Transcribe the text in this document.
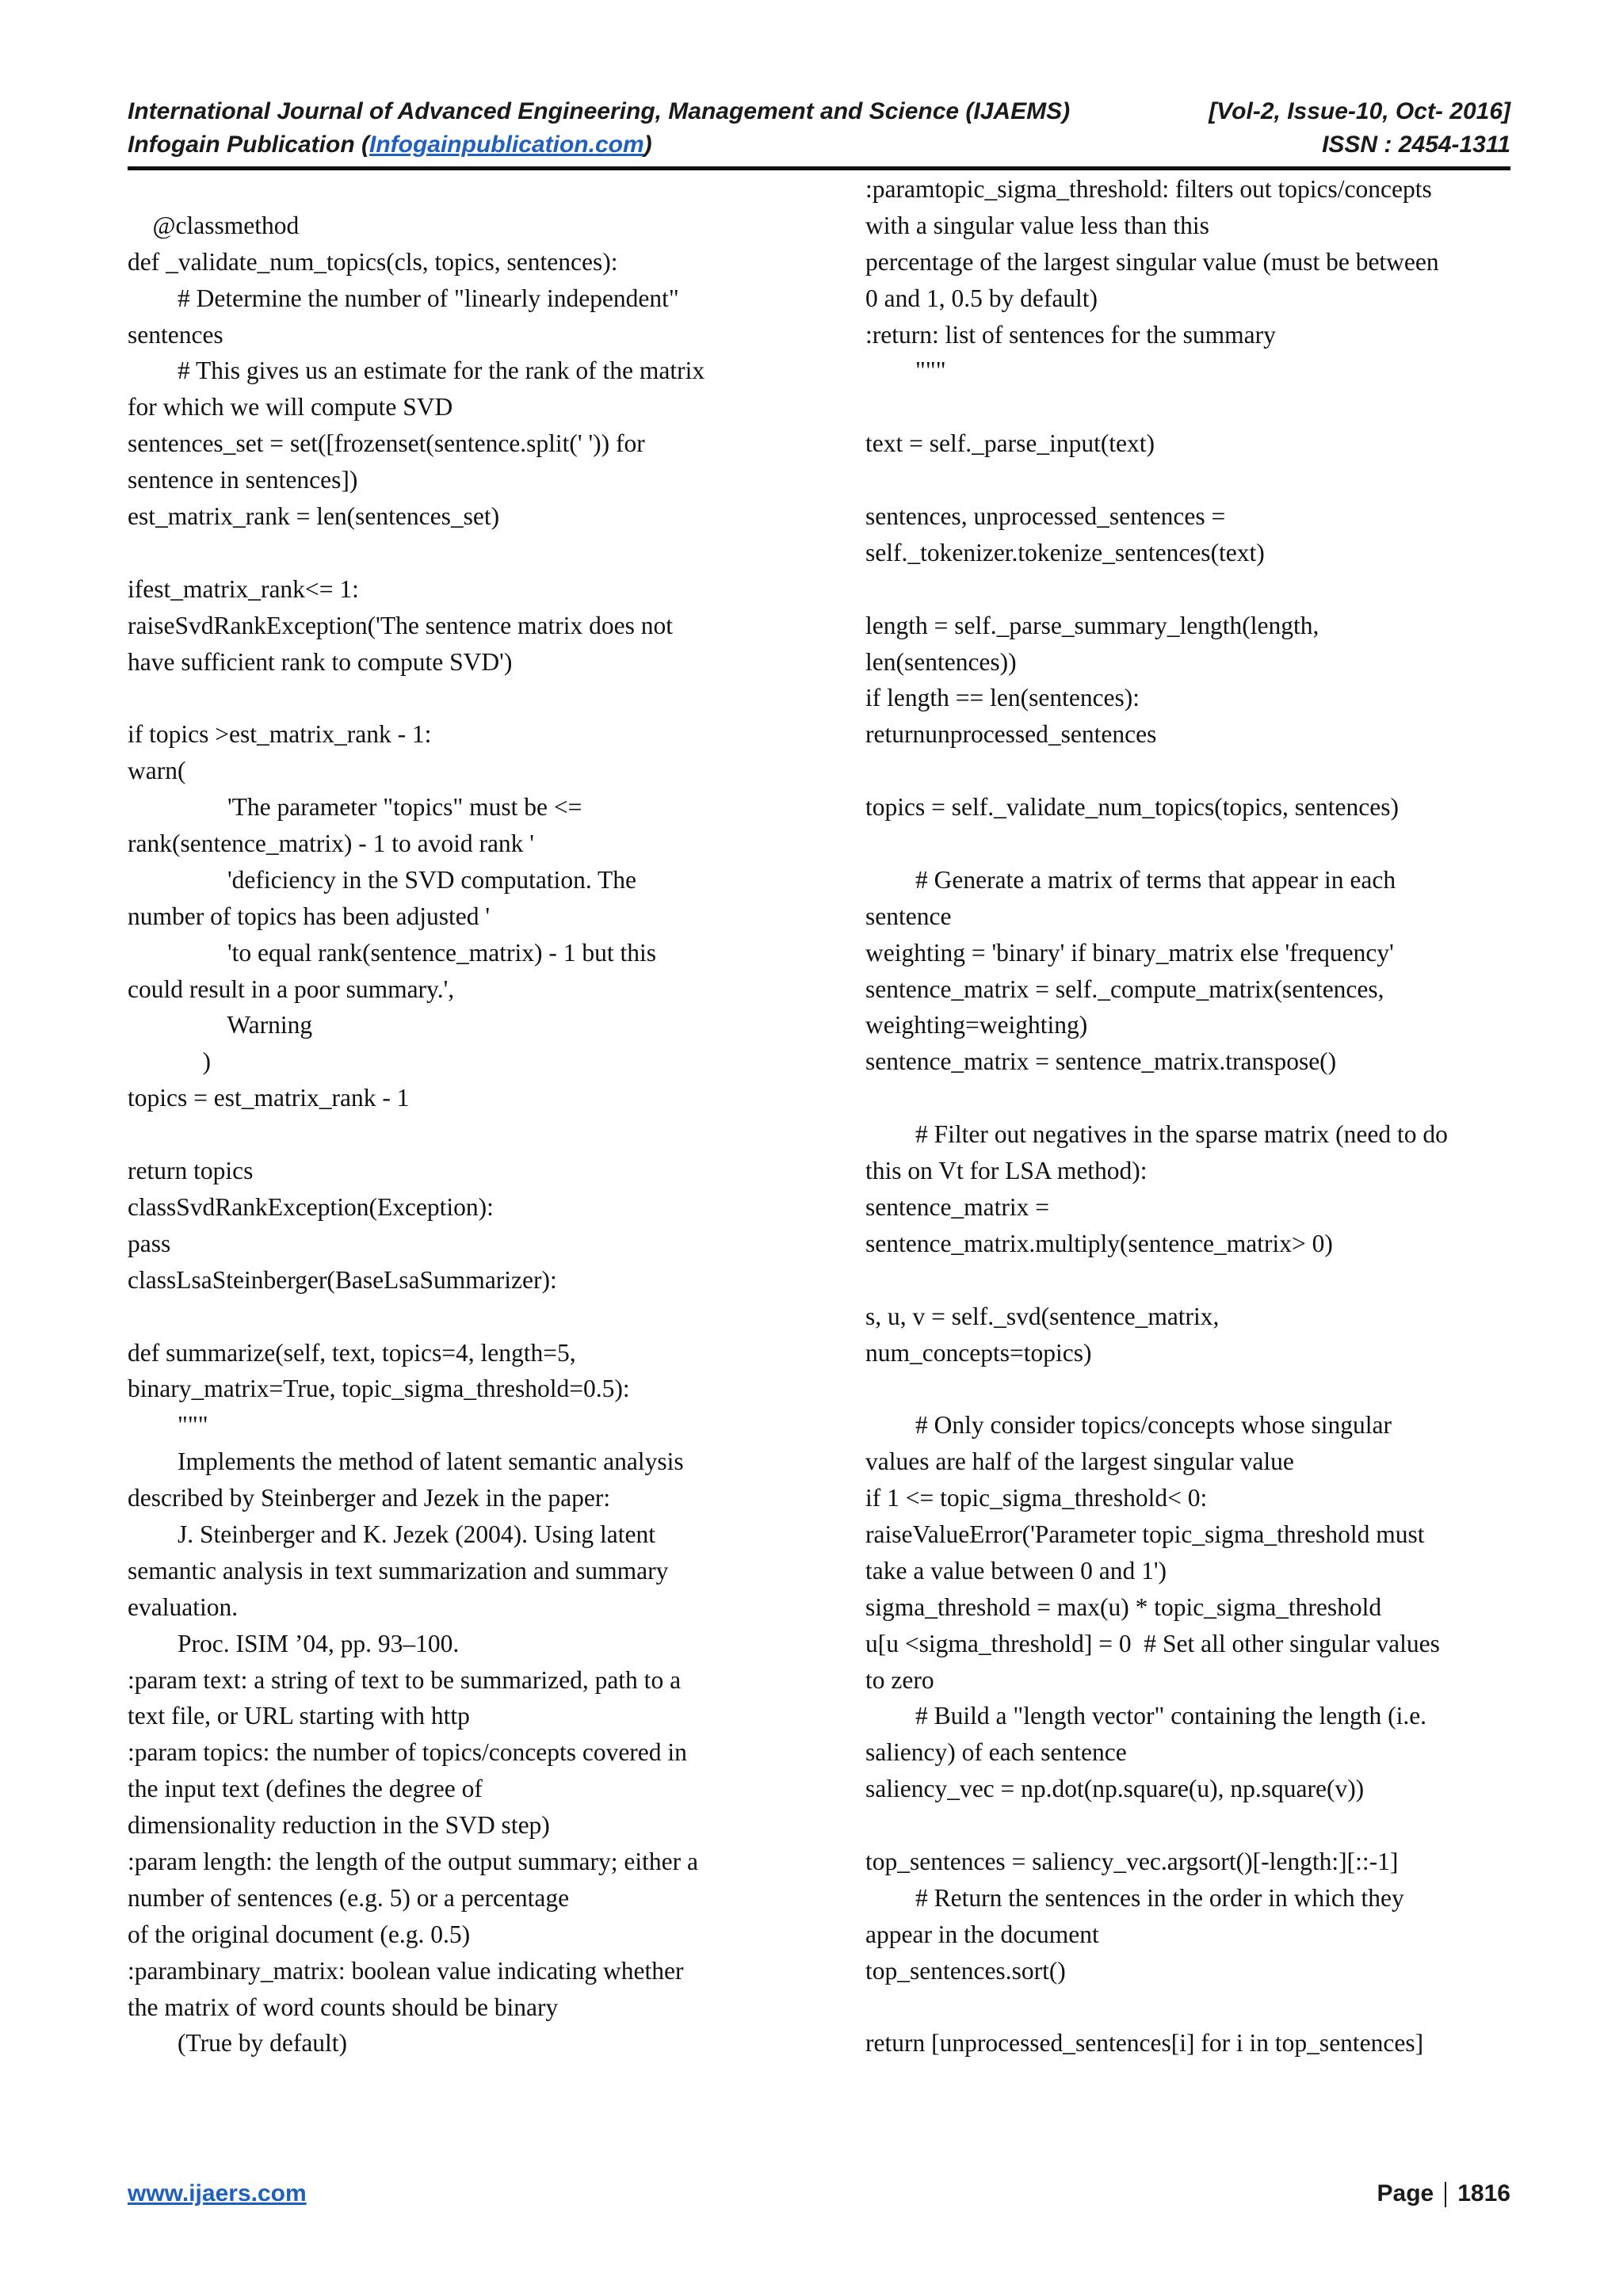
International Journal of Advanced Engineering, Management and Science (IJAEMS)	[Vol-2, Issue-10, Oct- 2016]
Infogain Publication (Infogainpublication.com)	ISSN : 2454-1311
@classmethod
def _validate_num_topics(cls, topics, sentences):
# Determine the number of "linearly independent"
sentences
# This gives us an estimate for the rank of the matrix
for which we will compute SVD
sentences_set = set([frozenset(sentence.split(' ')) for
sentence in sentences])
est_matrix_rank = len(sentences_set)
ifest_matrix_rank<= 1:
raiseSvdRankException('The sentence matrix does not
have sufficient rank to compute SVD')
if topics >est_matrix_rank - 1:
warn(
'The parameter "topics" must be <=
rank(sentence_matrix) - 1 to avoid rank '
'deficiency in the SVD computation. The
number of topics has been adjusted '
'to equal rank(sentence_matrix) - 1 but this
could result in a poor summary.',
Warning
)
topics = est_matrix_rank - 1
return topics
classSvdRankException(Exception):
pass
classLsaSteinberger(BaseLsaSummarizer):
def summarize(self, text, topics=4, length=5,
binary_matrix=True, topic_sigma_threshold=0.5):
"""
Implements the method of latent semantic analysis
described by Steinberger and Jezek in the paper:
J. Steinberger and K. Jezek (2004). Using latent
semantic analysis in text summarization and summary
evaluation.
Proc. ISIM ’04, pp. 93–100.
:param text: a string of text to be summarized, path to a
text file, or URL starting with http
:param topics: the number of topics/concepts covered in
the input text (defines the degree of
dimensionality reduction in the SVD step)
:param length: the length of the output summary; either a
number of sentences (e.g. 5) or a percentage
of the original document (e.g. 0.5)
:parambinary_matrix: boolean value indicating whether
the matrix of word counts should be binary
(True by default)
:paramtopic_sigma_threshold: filters out topics/concepts
with a singular value less than this
percentage of the largest singular value (must be between
0 and 1, 0.5 by default)
:return: list of sentences for the summary
"""
text = self._parse_input(text)
sentences, unprocessed_sentences =
self._tokenizer.tokenize_sentences(text)
length = self._parse_summary_length(length,
len(sentences))
if length == len(sentences):
returnunprocessed_sentences
topics = self._validate_num_topics(topics, sentences)
# Generate a matrix of terms that appear in each
sentence
weighting = 'binary' if binary_matrix else 'frequency'
sentence_matrix = self._compute_matrix(sentences,
weighting=weighting)
sentence_matrix = sentence_matrix.transpose()
# Filter out negatives in the sparse matrix (need to do
this on Vt for LSA method):
sentence_matrix =
sentence_matrix.multiply(sentence_matrix> 0)
s, u, v = self._svd(sentence_matrix,
num_concepts=topics)
# Only consider topics/concepts whose singular
values are half of the largest singular value
if 1 <= topic_sigma_threshold< 0:
raiseValueError('Parameter topic_sigma_threshold must
take a value between 0 and 1')
sigma_threshold = max(u) * topic_sigma_threshold
u[u <sigma_threshold] = 0  # Set all other singular values
to zero
# Build a "length vector" containing the length (i.e.
saliency) of each sentence
saliency_vec = np.dot(np.square(u), np.square(v))
top_sentences = saliency_vec.argsort()[-length:][::-1]
# Return the sentences in the order in which they
appear in the document
top_sentences.sort()
return [unprocessed_sentences[i] for i in top_sentences]
www.ijaers.com	Page 1816
